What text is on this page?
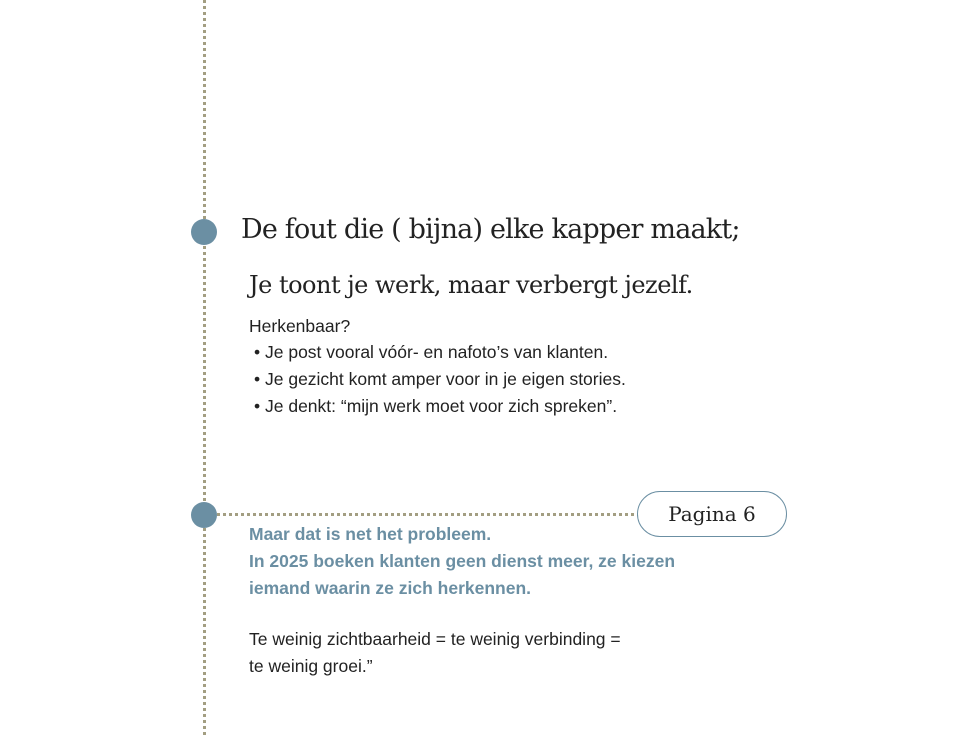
De fout die ( bijna) elke kapper maakt;
Je toont je werk, maar verbergt jezelf.
Herkenbaar?
• Je post vooral vóór- en nafoto’s van klanten.
• Je gezicht komt amper voor in je eigen stories.
• Je denkt: “mijn werk moet voor zich spreken”.
Pagina 6
Maar dat is net het probleem.
In 2025 boeken klanten geen dienst meer, ze kiezen
iemand waarin ze zich herkennen.
Te weinig zichtbaarheid = te weinig verbinding =
te weinig groei.”
